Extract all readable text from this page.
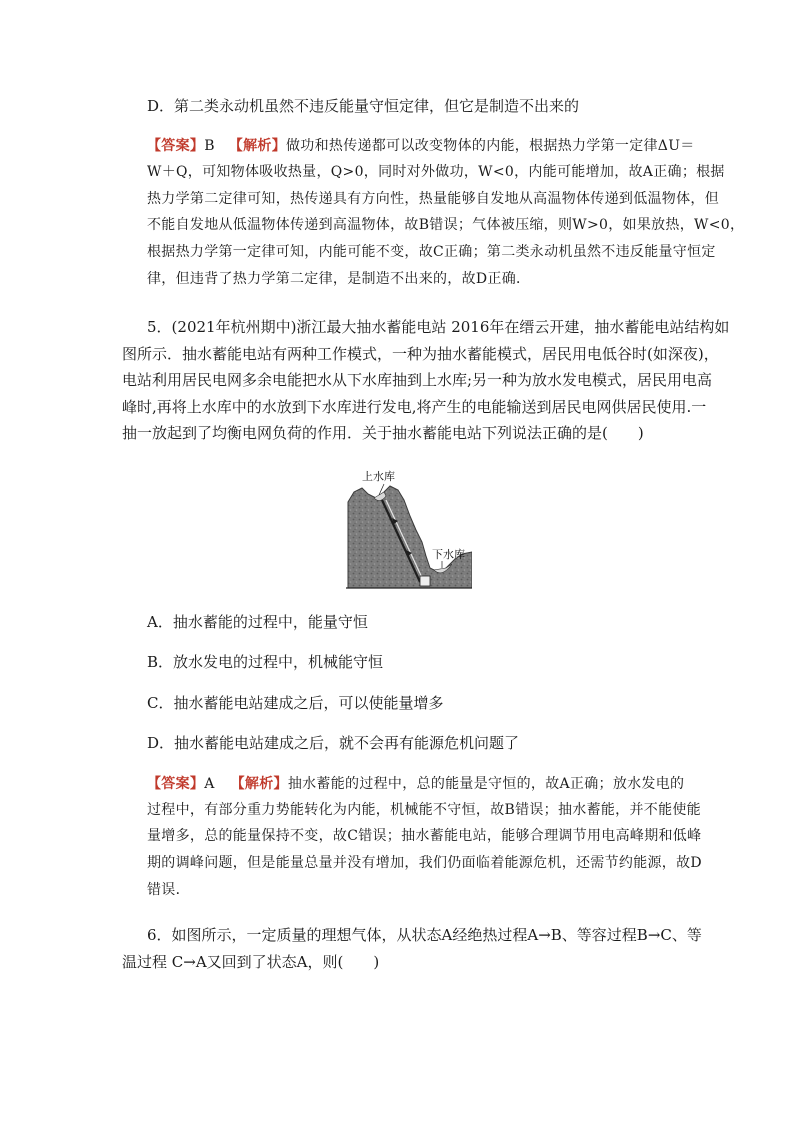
D．第二类永动机虽然不违反能量守恒定律，但它是制造不出来的
【答案】B 【解析】做功和热传递都可以改变物体的内能，根据热力学第一定律ΔU＝
W＋Q，可知物体吸收热量，Q>0，同时对外做功，W<0，内能可能增加，故A正确；根据
热力学第二定律可知，热传递具有方向性，热量能够自发地从高温物体传递到低温物体，但
不能自发地从低温物体传递到高温物体，故B错误；气体被压缩，则W>0，如果放热，W<0，
根据热力学第一定律可知，内能可能不变，故C正确；第二类永动机虽然不违反能量守恒定
律，但违背了热力学第二定律，是制造不出来的，故D正确．
5．(2021年杭州期中)浙江最大抽水蓄能电站 2016年在缙云开建，抽水蓄能电站结构如
图所示．抽水蓄能电站有两种工作模式，一种为抽水蓄能模式，居民用电低谷时(如深夜)，
电站利用居民电网多余电能把水从下水库抽到上水库;另一种为放水发电模式，居民用电高
峰时,再将上水库中的水放到下水库进行发电,将产生的电能输送到居民电网供居民使用.一
抽一放起到了均衡电网负荷的作用．关于抽水蓄能电站下列说法正确的是(　　)
上水库
下水库
A．抽水蓄能的过程中，能量守恒
B．放水发电的过程中，机械能守恒
C．抽水蓄能电站建成之后，可以使能量增多
D．抽水蓄能电站建成之后，就不会再有能源危机问题了
【答案】A 【解析】抽水蓄能的过程中，总的能量是守恒的，故A正确；放水发电的
过程中，有部分重力势能转化为内能，机械能不守恒，故B错误；抽水蓄能，并不能使能
量增多，总的能量保持不变，故C错误；抽水蓄能电站，能够合理调节用电高峰期和低峰
期的调峰问题，但是能量总量并没有增加，我们仍面临着能源危机，还需节约能源，故D
错误．
6．如图所示，一定质量的理想气体，从状态A经绝热过程A→B、等容过程B→C、等
温过程 C→A又回到了状态A，则(　　)
